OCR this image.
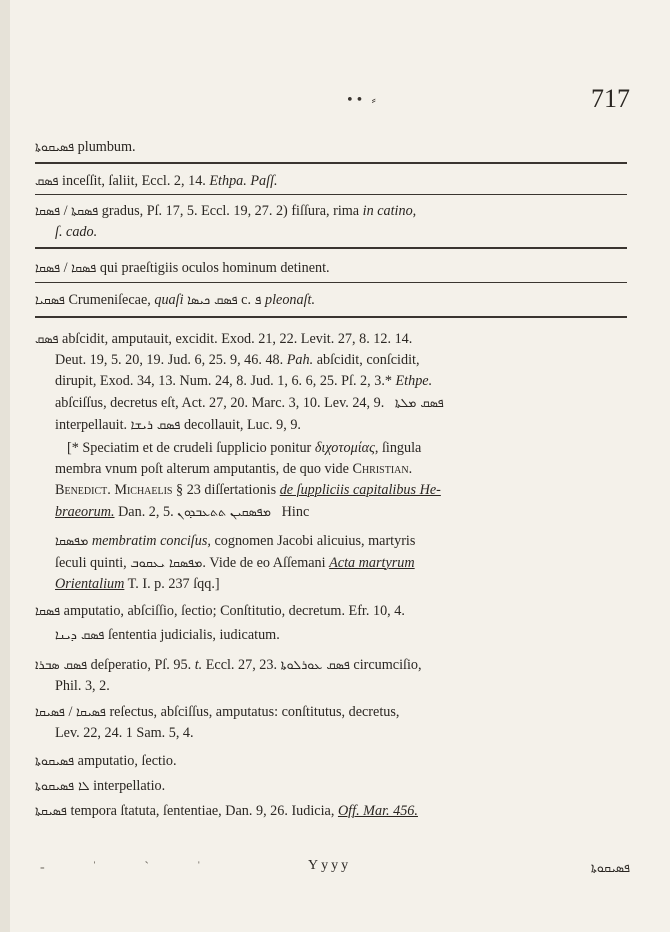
•• ⸗	717
ܦܣܝܩܘܬܐ plumbum.
ܦܣܩ inceſſit, ſaliit, Eccl. 2, 14. Ethpa. Paſſ.
ܦܣܩܐ / ܦܣܩܬܐ gradus, Pſ. 17, 5. Eccl. 19, 27. 2) fiſſura, rima in catino,
ſ. cado.
ܦܣܩܐ / ܦܣܩܐ qui praeſtigiis oculos hominum detinent.
ܦܣܩܝܐ Crumeniſecae, quaſi ܦܣܩ ܟܝܣܐ c. ܦ pleonaſt.
ܦܣܩ abſcidit, amputauit, excidit. Exod. 21, 22. Levit. 27, 8. 12. 14.
Deut. 19, 5. 20, 19. Jud. 6, 25. 9, 46. 48. Pah. abſcidit, conſcidit,
dirupit, Exod. 34, 13. Num. 24, 8. Jud. 1, 6. 6, 25. Pſ. 2, 3.* Ethpe.
abſciſſus, decretus eſt, Act. 27, 20. Marc. 3, 10. Lev. 24, 9. ܦܣܩ ܡܠܬܐ
interpellauit. ܦܣܩ ܪܝܫܐ decollauit, Luc. 9, 9.
[* Speciatim et de crudeli ſupplicio ponitur διχοτομίας, ſingula
membra vnum poſt alterum amputantis, de quo vide Christian.
Benedict. Michaelis § 23 diſſertationis de ſuppliciis capitalibus He-
braeorum. Dan. 2, 5. ܡܦܣܩܝܢ ܬܬܥܒܕܘܢ   Hinc
ܡܦܣܩܐ membratim conciſus, cognomen Jacobi alicuius, martyris
ſeculi quinti, ܡܦܣܩܐ ܝܥܩܘܒ. Vide de eo Aſſemani Acta martyrum
Orientalium T. I. p. 237 ſqq.]
ܦܣܩܐ amputatio, abſciſſio, ſectio; Conſtitutio, decretum. Efr. 10, 4.
ܦܣܩ ܕܝܢܐ ſententia judicialis, iudicatum.
ܦܣܩ ܣܒܪܐ deſperatio, Pſ. 95. t. Eccl. 27, 23. ܦܣܩ ܥܘܪܠܘܬܐ circumciſio,
Phil. 3, 2.
ܦܣܝܩܐ / ܦܣܝܩܐ reſectus, abſciſſus, amputatus: conſtitutus, decretus,
Lev. 22, 24. 1 Sam. 5, 4.
ܦܣܝܩܘܬܐ amputatio, ſectio.
ܠܐ ܦܣܝܩܘܬܐ interpellatio.
ܦܣܝܩܬܐ tempora ſtatuta, ſententiae, Dan. 9, 26. Iudicia, Off. Mar. 456.
‐ ˈ ˋ ˈ	Yyyy	ܦܣܝܩܘܬܐ
